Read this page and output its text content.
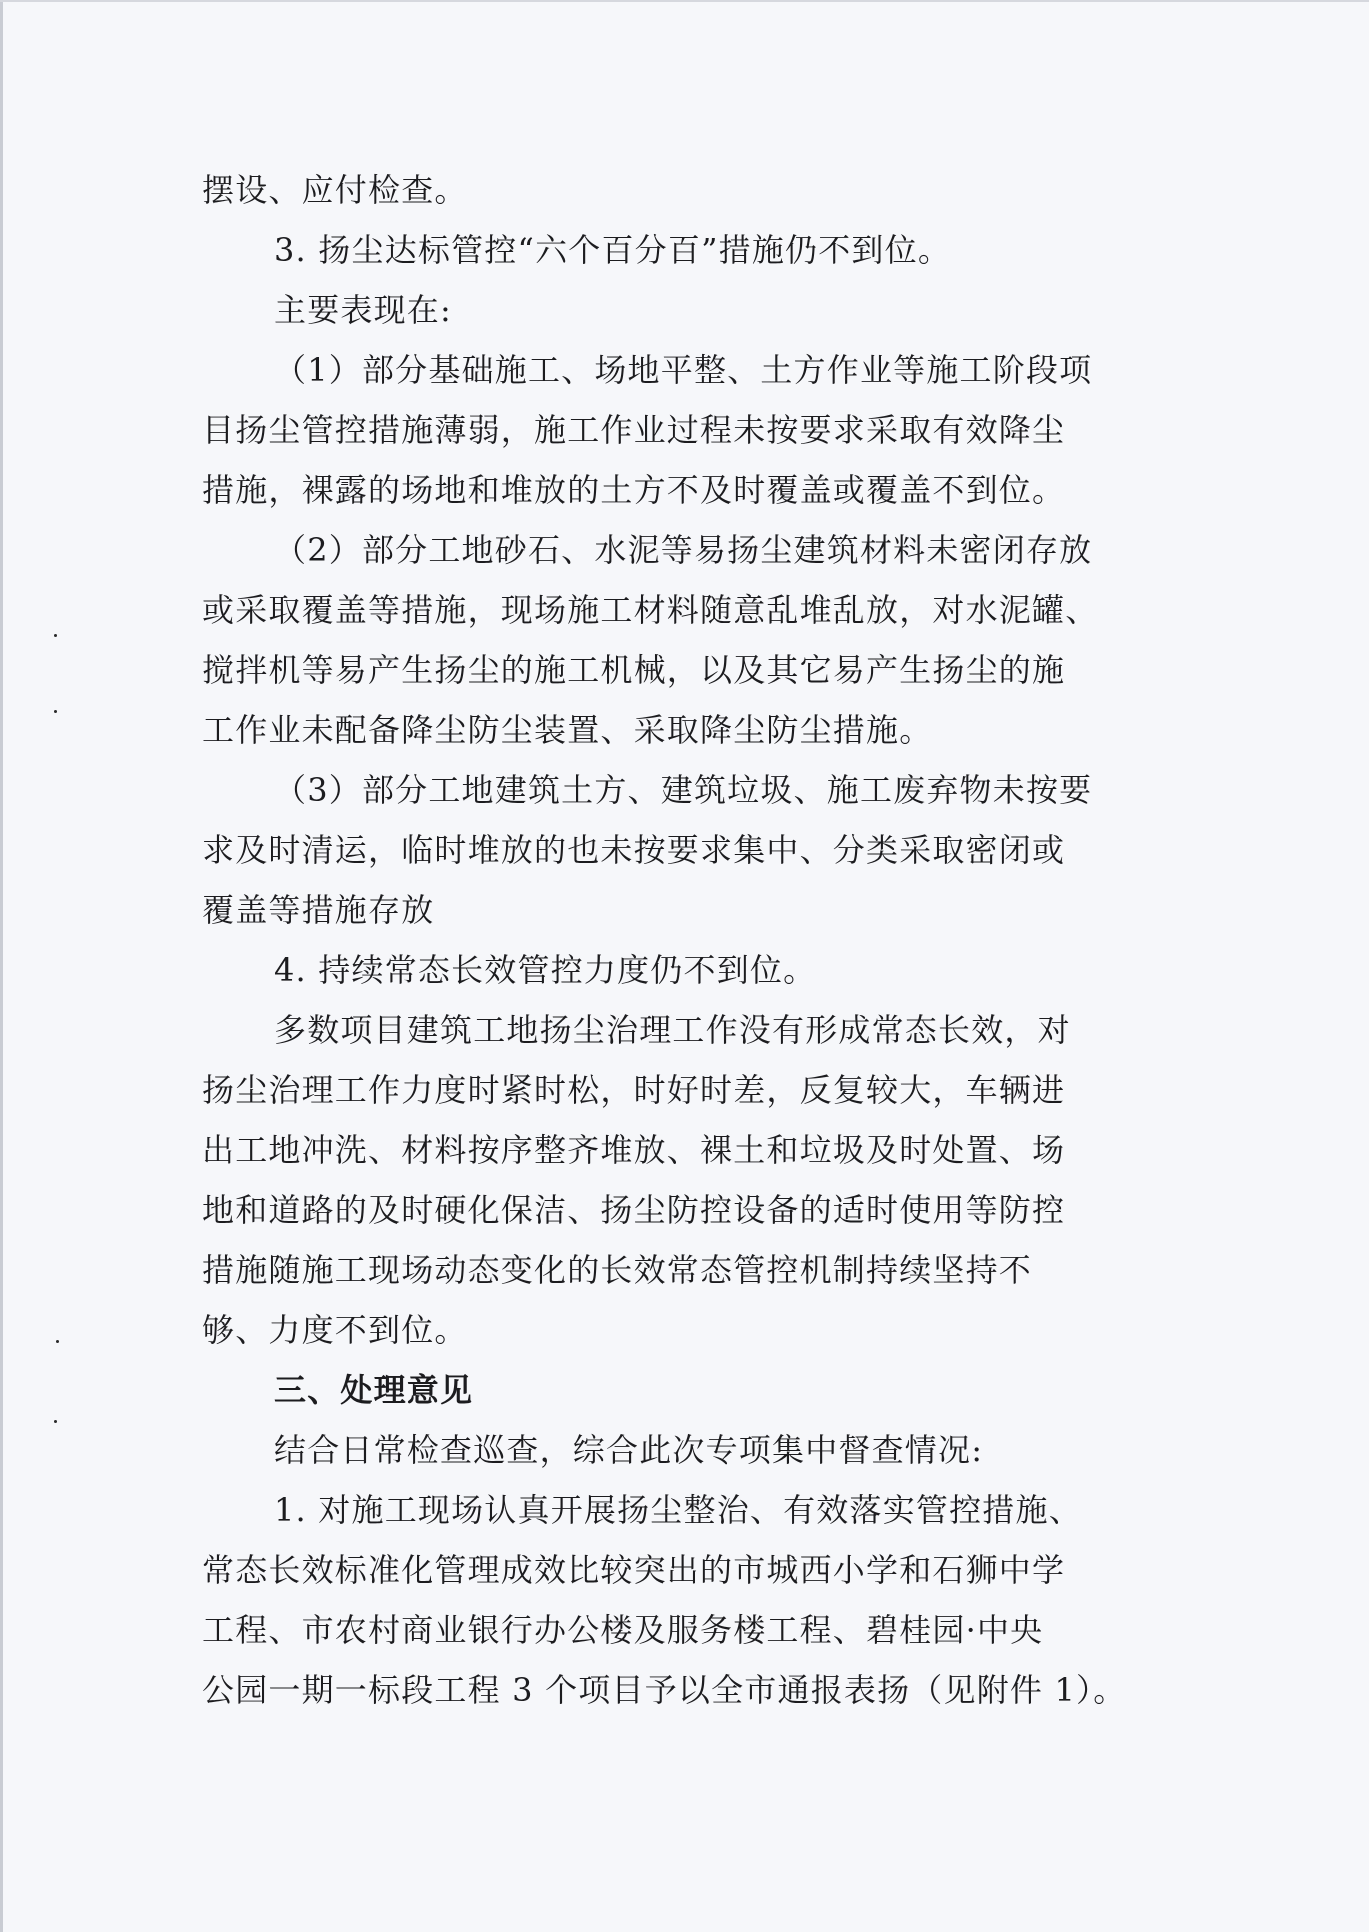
摆设、应付检查。
3. 扬尘达标管控“六个百分百”措施仍不到位。
主要表现在:
（1）部分基础施工、场地平整、土方作业等施工阶段项
目扬尘管控措施薄弱，施工作业过程未按要求采取有效降尘
措施，裸露的场地和堆放的土方不及时覆盖或覆盖不到位。
（2）部分工地砂石、水泥等易扬尘建筑材料未密闭存放
或采取覆盖等措施，现场施工材料随意乱堆乱放，对水泥罐、
搅拌机等易产生扬尘的施工机械，以及其它易产生扬尘的施
工作业未配备降尘防尘装置、采取降尘防尘措施。
（3）部分工地建筑土方、建筑垃圾、施工废弃物未按要
求及时清运，临时堆放的也未按要求集中、分类采取密闭或
覆盖等措施存放
4. 持续常态长效管控力度仍不到位。
多数项目建筑工地扬尘治理工作没有形成常态长效，对
扬尘治理工作力度时紧时松，时好时差，反复较大，车辆进
出工地冲洗、材料按序整齐堆放、裸土和垃圾及时处置、场
地和道路的及时硬化保洁、扬尘防控设备的适时使用等防控
措施随施工现场动态变化的长效常态管控机制持续坚持不
够、力度不到位。
三、处理意见
结合日常检查巡查，综合此次专项集中督查情况:
1. 对施工现场认真开展扬尘整治、有效落实管控措施、
常态长效标准化管理成效比较突出的市城西小学和石狮中学
工程、市农村商业银行办公楼及服务楼工程、碧桂园·中央
公园一期一标段工程 3 个项目予以全市通报表扬（见附件 1）。
